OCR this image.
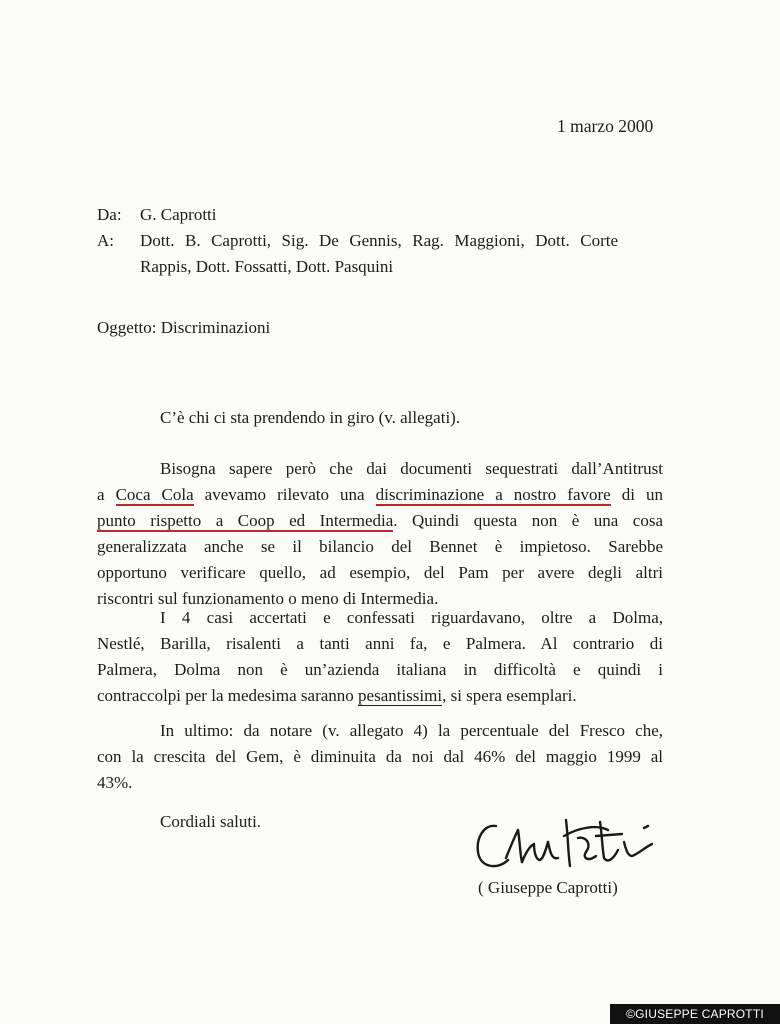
1 marzo 2000
Da: G. Caprotti
A: Dott. B. Caprotti, Sig. De Gennis, Rag. Maggioni, Dott. Corte
Rappis, Dott. Fossatti, Dott. Pasquini
Oggetto: Discriminazioni
C’è chi ci sta prendendo in giro (v. allegati).
Bisogna sapere però che dai documenti sequestrati dall’Antitrust
a Coca Cola avevamo rilevato una discriminazione a nostro favore di un
punto rispetto a Coop ed Intermedia. Quindi questa non è una cosa
generalizzata anche se il bilancio del Bennet è impietoso. Sarebbe
opportuno verificare quello, ad esempio, del Pam per avere degli altri
riscontri sul funzionamento o meno di Intermedia.
I 4 casi accertati e confessati riguardavano, oltre a Dolma,
Nestlé, Barilla, risalenti a tanti anni fa, e Palmera. Al contrario di
Palmera, Dolma non è un’azienda italiana in difficoltà e quindi i
contraccolpi per la medesima saranno pesantissimi, si spera esemplari.
In ultimo: da notare (v. allegato 4) la percentuale del Fresco che,
con la crescita del Gem, è diminuita da noi dal 46% del maggio 1999 al
43%.
Cordiali saluti.
( Giuseppe Caprotti)
©GIUSEPPE CAPROTTI
